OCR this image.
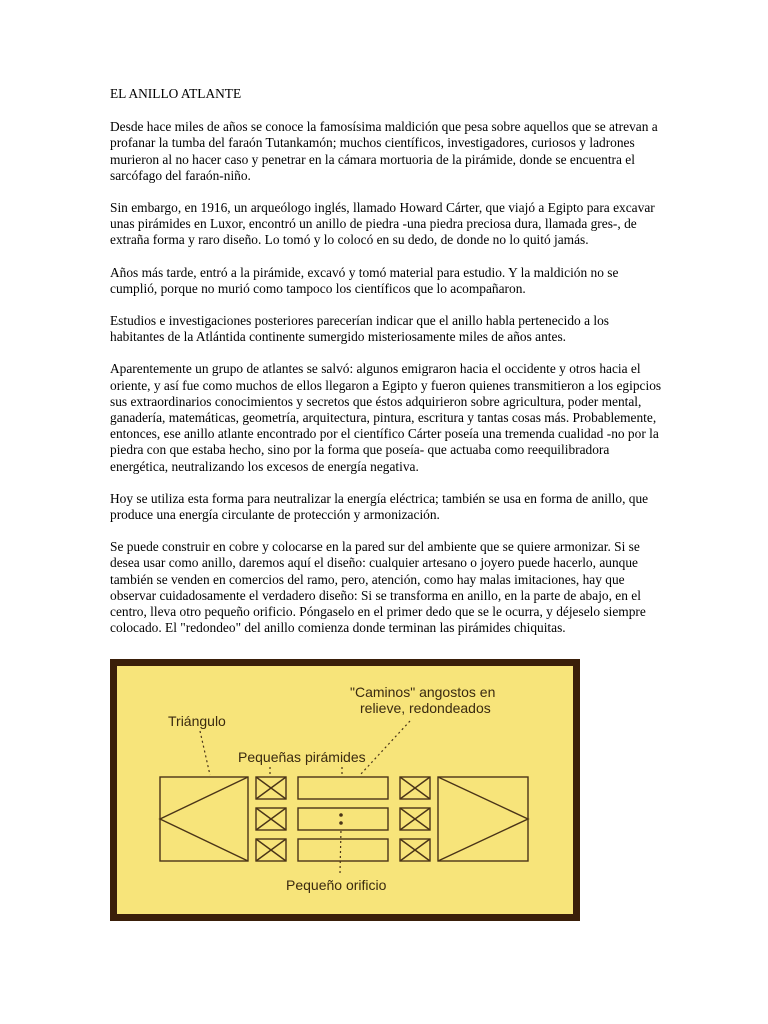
EL ANILLO ATLANTE

Desde hace miles de años se conoce la famosísima maldición que pesa sobre aquellos que se atrevan a profanar la tumba del faraón Tutankamón; muchos científicos, investigadores, curiosos y ladrones murieron al no hacer caso y penetrar en la cámara mortuoria de la pirámide, donde se encuentra el sarcófago del faraón-niño.

Sin embargo, en 1916, un arqueólogo inglés, llamado Howard Cárter, que viajó a Egipto para excavar unas pirámides en Luxor, encontró un anillo de piedra -una piedra preciosa dura, llamada gres-, de extraña forma y raro diseño. Lo tomó y lo colocó en su dedo, de donde no lo quitó jamás.

Años más tarde, entró a la pirámide, excavó y tomó material para estudio. Y la maldición no se cumplió, porque no murió como tampoco los científicos que lo acompañaron.

Estudios e investigaciones posteriores parecerían indicar que el anillo habla pertenecido a los habitantes de la Atlántida continente sumergido misteriosamente miles de años antes.

Aparentemente un grupo de atlantes se salvó: algunos emigraron hacia el occidente y otros hacia el oriente, y así fue como muchos de ellos llegaron a Egipto y fueron quienes transmitieron a los egipcios sus extraordinarios conocimientos y secretos que éstos adquirieron sobre agricultura, poder mental, ganadería, matemáticas, geometría, arquitectura, pintura, escritura y tantas cosas más. Probablemente, entonces, ese anillo atlante encontrado por el científico Cárter poseía una tremenda cualidad -no por la piedra con que estaba hecho, sino por la forma que poseía- que actuaba como reequilibradora energética, neutralizando los excesos de energía negativa.

Hoy se utiliza esta forma para neutralizar la energía eléctrica; también se usa en forma de anillo, que produce una energía circulante de protección y armonización.

Se puede construir en cobre y colocarse en la pared sur del ambiente que se quiere armonizar. Si se desea usar como anillo, daremos aquí el diseño: cualquier artesano o joyero puede hacerlo, aunque también se venden en comercios del ramo, pero, atención, como hay malas imitaciones, hay que observar cuidadosamente el verdadero diseño: Si se transforma en anillo, en la parte de abajo, en el centro, lleva otro pequeño orificio. Póngaselo en el primer dedo que se le ocurra, y déjeselo siempre colocado. El "redondeo" del anillo comienza donde terminan las pirámides chiquitas.

Triángulo
"Caminos" angostos en
relieve, redondeados
Pequeñas pirámides
Pequeño orificio
